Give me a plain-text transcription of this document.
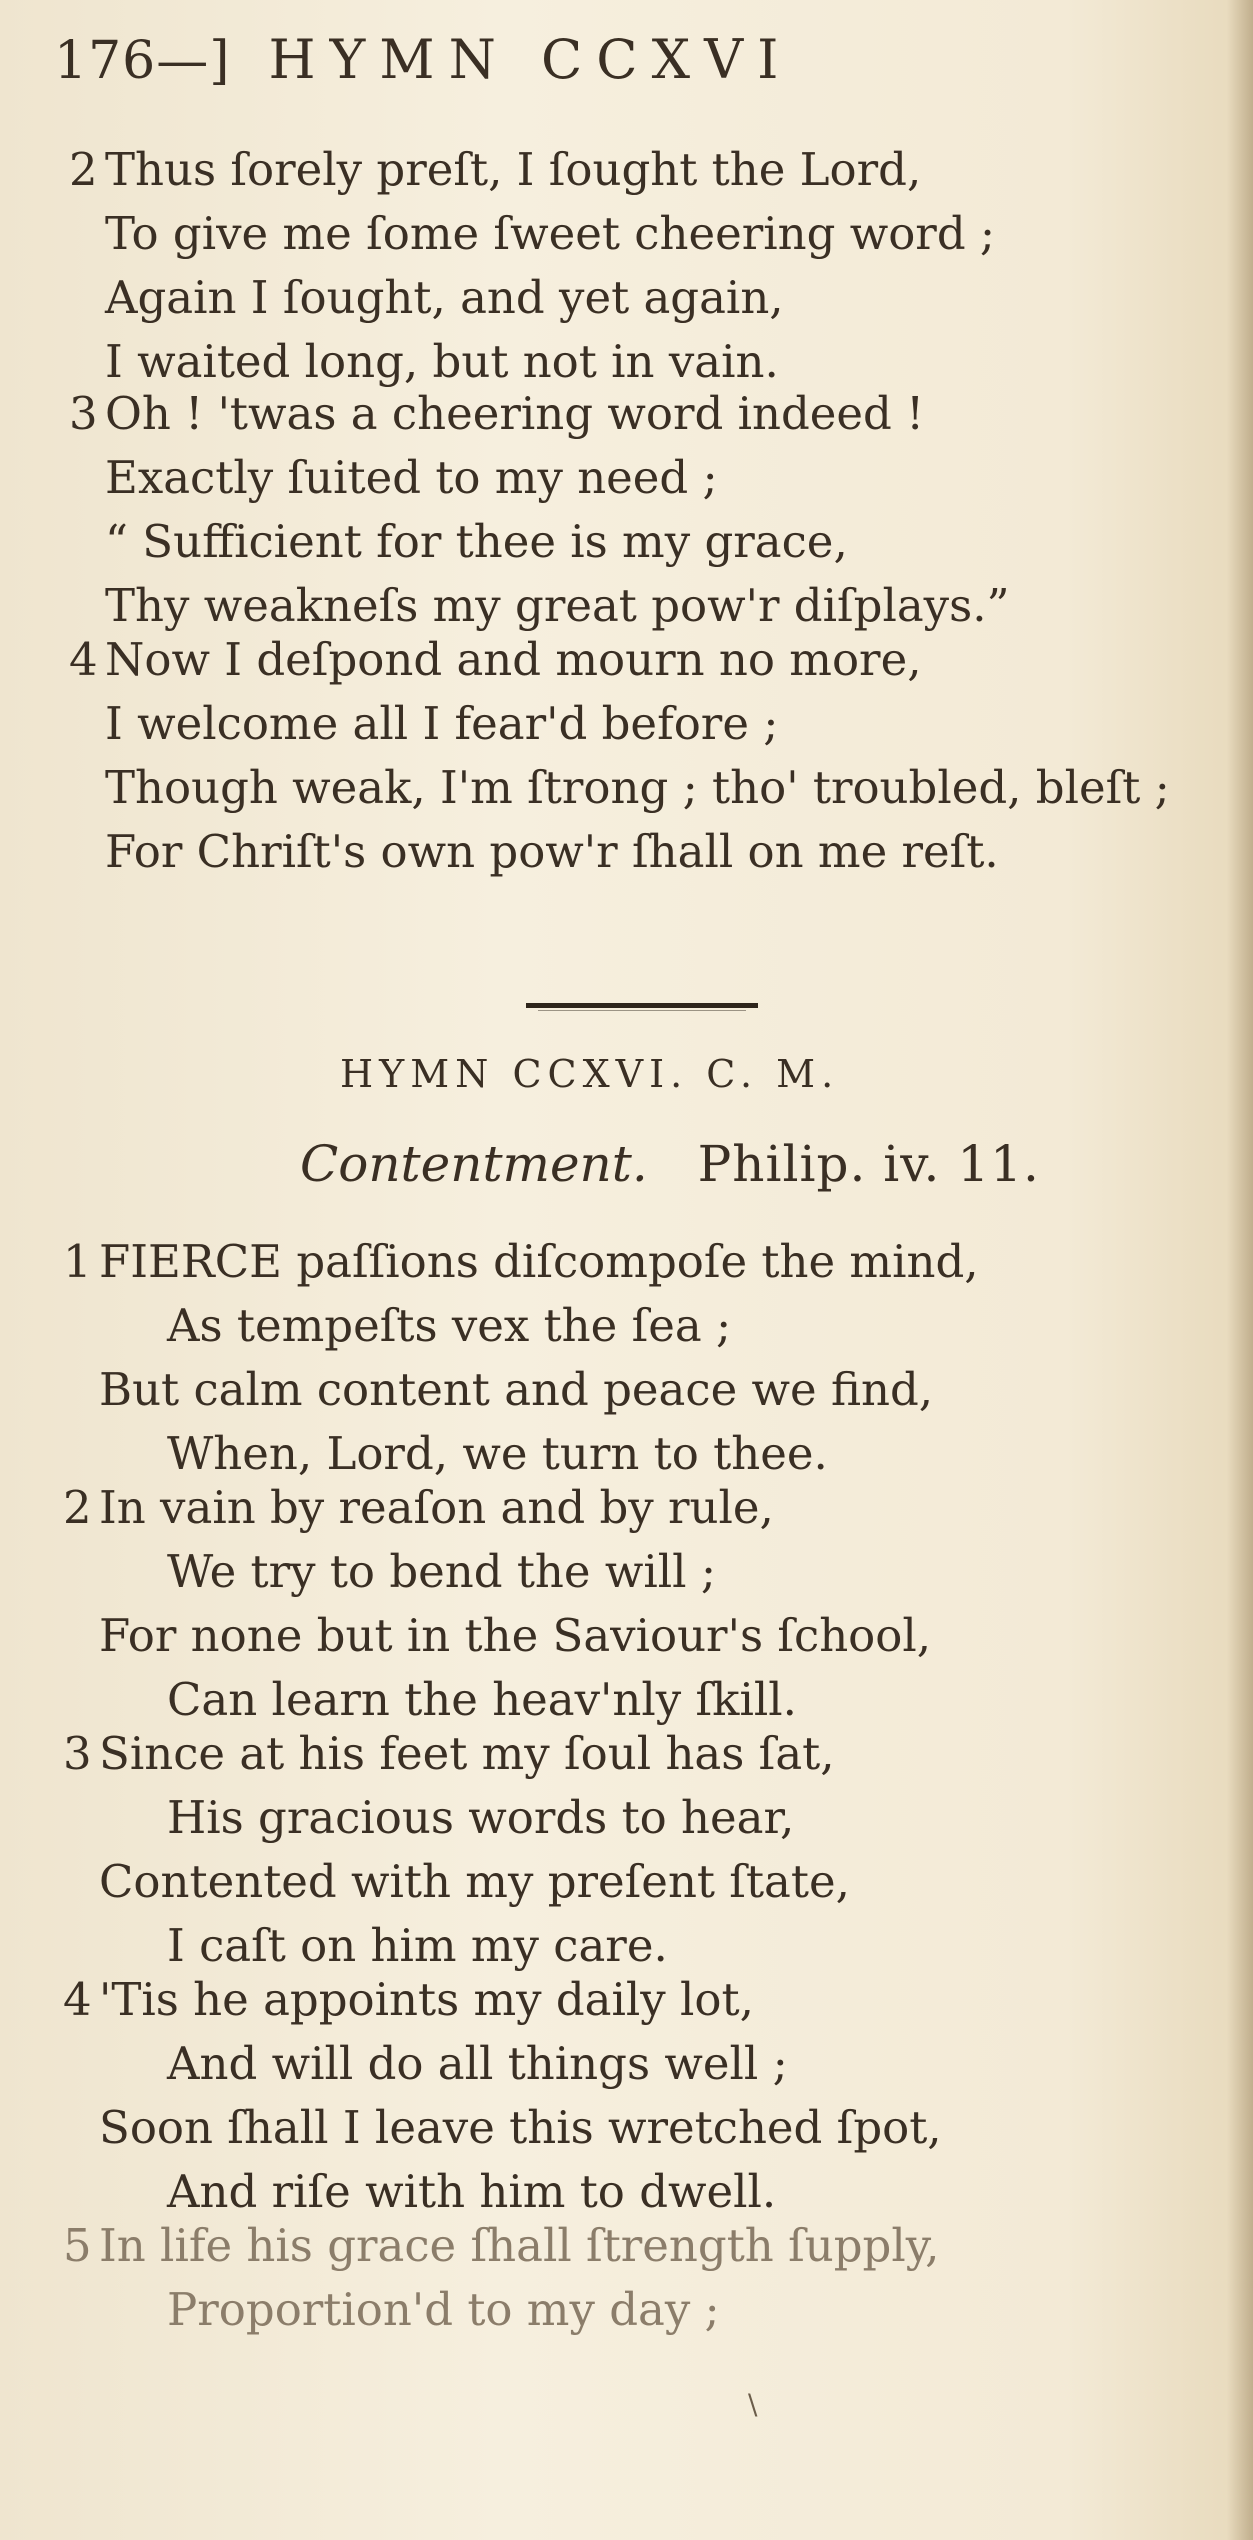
176—] HYMN CCXVI
2 Thus ſorely preſt, I ſought the Lord,
To give me ſome ſweet cheering word ;
Again I ſought, and yet again,
I waited long, but not in vain.
3 Oh ! 'twas a cheering word indeed !
Exactly ſuited to my need ;
“ Sufficient for thee is my grace,
Thy weakneſs my great pow'r diſplays.”
4 Now I deſpond and mourn no more,
I welcome all I fear'd before ;
Though weak, I'm ſtrong ; tho' troubled, bleſt ;
For Chriſt's own pow'r ſhall on me reſt.
HYMN CCXVI. C. M.
Contentment. Philip. iv. 11.
1 FIERCE paſſions diſcompoſe the mind,
As tempeſts vex the ſea ;
But calm content and peace we find,
When, Lord, we turn to thee.
2 In vain by reaſon and by rule,
We try to bend the will ;
For none but in the Saviour's ſchool,
Can learn the heav'nly ſkill.
3 Since at his feet my ſoul has ſat,
His gracious words to hear,
Contented with my preſent ſtate,
I caſt on him my care.
4 'Tis he appoints my daily lot,
And will do all things well ;
Soon ſhall I leave this wretched ſpot,
And riſe with him to dwell.
5 In life his grace ſhall ſtrength ſupply,
Proportion'd to my day ;
\
